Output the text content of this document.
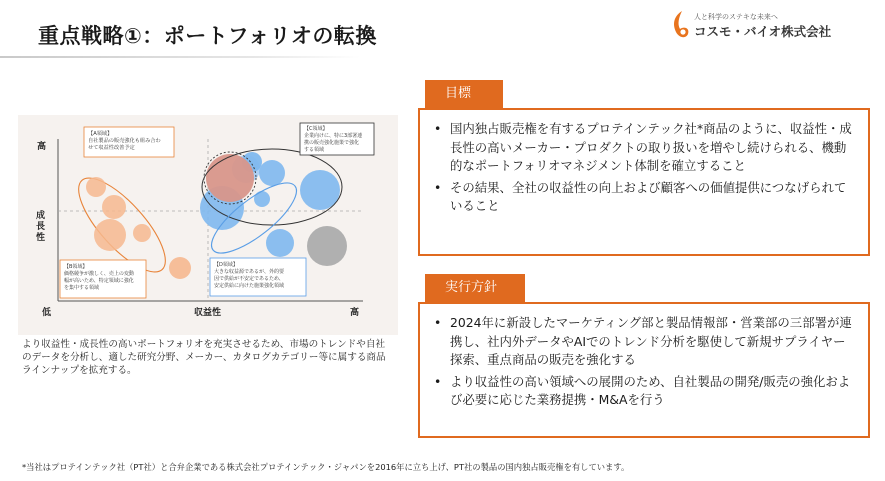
重点戦略①：ポートフォリオの転換
人と科学のステキな未来へ
コスモ・バイオ株式会社
高
成
長
性
低	収益性	高
【A領域】 自社製品の販売強化も組み合わ せて収益性改善予定
【C領域】 企業向けに、特に3部署連 携の販売強化施策で強化 する領域
【B領域】 価格競争が激しく、売上の変動 幅が高いため、特定領域に強化 を集中する領域
【D領域】 大きな収益源であるが、外的要 因で供給が不安定であるため、 安定供給に向けた施策強化領域
より収益性・成長性の高いポートフォリオを充実させるため、市場のトレンドや自社のデータを分析し、適した研究分野、メーカー、カタログカテゴリー等に属する商品ラインナップを拡充する。
目標
• 国内独占販売権を有するプロテインテック社*商品のように、収益性・成長性の高いメーカー・プロダクトの取り扱いを増やし続けられる、機動的なポートフォリオマネジメント体制を確立すること
• その結果、全社の収益性の向上および顧客への価値提供につなげられていること
実行方針
• 2024年に新設したマーケティング部と製品情報部・営業部の三部署が連携し、社内外データやAIでのトレンド分析を駆使して新規サプライヤー探索、重点商品の販売を強化する
• より収益性の高い領域への展開のため、自社製品の開発/販売の強化および必要に応じた業務提携・M&Aを行う
*当社はプロテインテック社（PT社）と合弁企業である株式会社プロテインテック・ジャパンを2016年に立ち上げ、PT社の製品の国内独占販売権を有しています。
